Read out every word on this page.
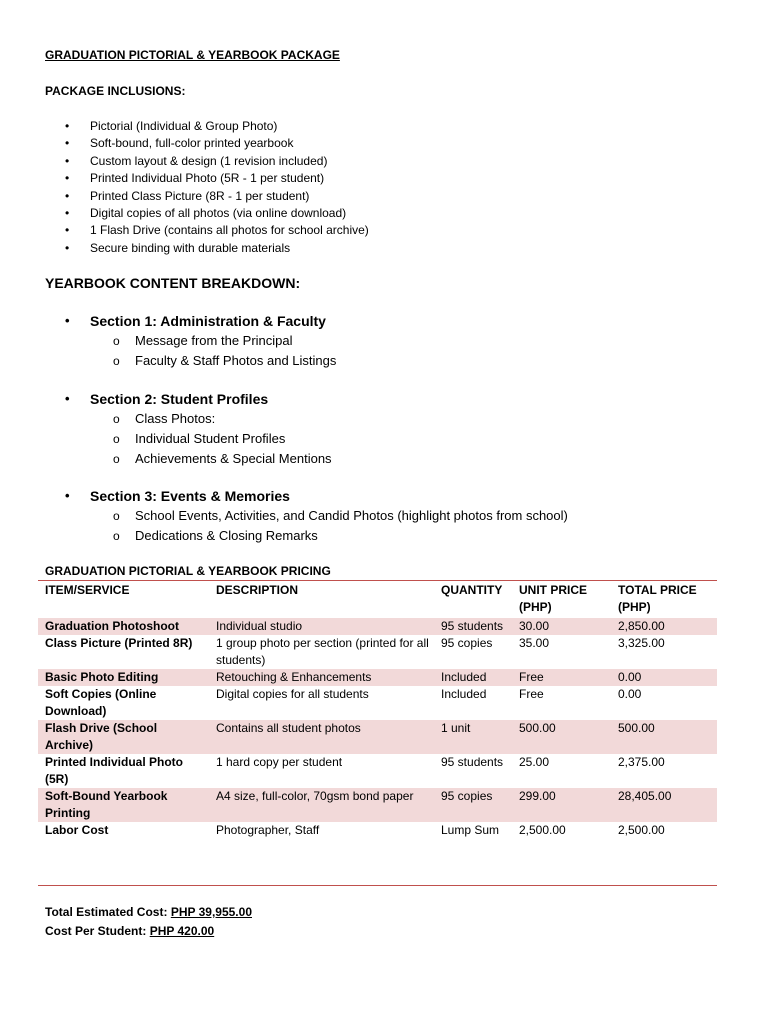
GRADUATION PICTORIAL & YEARBOOK PACKAGE
PACKAGE INCLUSIONS:
• Pictorial (Individual & Group Photo)
• Soft-bound, full-color printed yearbook
• Custom layout & design (1 revision included)
• Printed Individual Photo (5R - 1 per student)
• Printed Class Picture (8R - 1 per student)
• Digital copies of all photos (via online download)
• 1 Flash Drive (contains all photos for school archive)
• Secure binding with durable materials
YEARBOOK CONTENT BREAKDOWN:
• Section 1: Administration & Faculty
o Message from the Principal
o Faculty & Staff Photos and Listings
• Section 2: Student Profiles
o Class Photos:
o Individual Student Profiles
o Achievements & Special Mentions
• Section 3: Events & Memories
o School Events, Activities, and Candid Photos (highlight photos from school)
o Dedications & Closing Remarks
GRADUATION PICTORIAL & YEARBOOK PRICING
ITEM/SERVICE	DESCRIPTION	QUANTITY	UNIT PRICE (PHP)	TOTAL PRICE (PHP)
Graduation Photoshoot	Individual studio	95 students	30.00	2,850.00
Class Picture (Printed 8R)	1 group photo per section (printed for all students)	95 copies	35.00	3,325.00
Basic Photo Editing	Retouching & Enhancements	Included	Free	0.00
Soft Copies (Online Download)	Digital copies for all students	Included	Free	0.00
Flash Drive (School Archive)	Contains all student photos	1 unit	500.00	500.00
Printed Individual Photo (5R)	1 hard copy per student	95 students	25.00	2,375.00
Soft-Bound Yearbook Printing	A4 size, full-color, 70gsm bond paper	95 copies	299.00	28,405.00
Labor Cost	Photographer, Staff	Lump Sum	2,500.00	2,500.00
Total Estimated Cost: PHP 39,955.00
Cost Per Student: PHP 420.00
